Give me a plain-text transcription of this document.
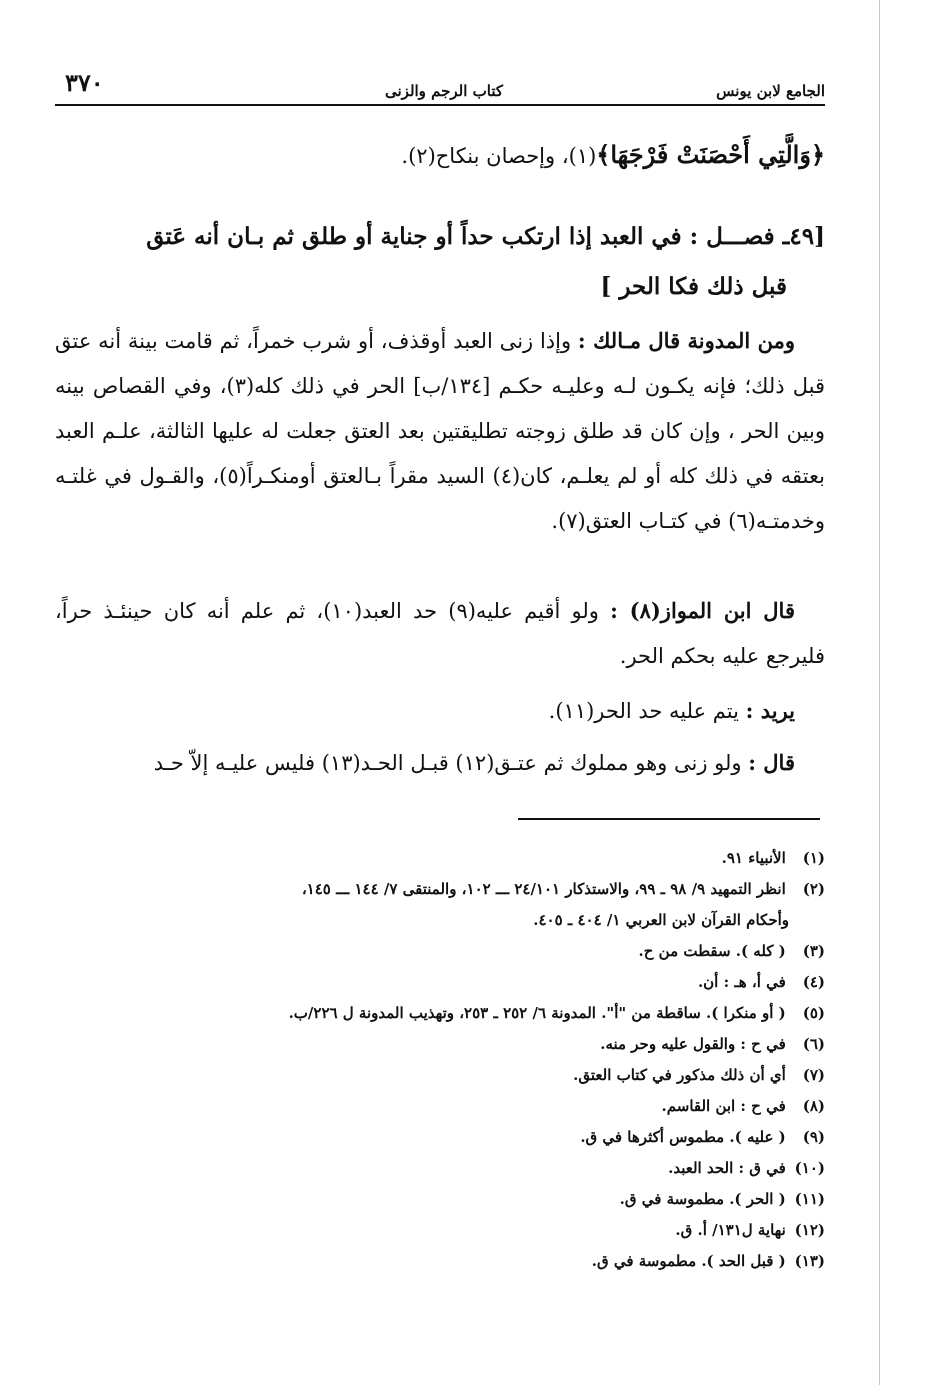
الجامع لابن يونس
كتاب الرجم والزنى
٣٧٠
﴿وَالَّتِي أَحْصَنَتْ فَرْجَهَا﴾(١)، وإحصان بنكاح(٢).
[٤٩ـ فصـــل : في العبد إذا ارتكب حداً أو جناية أو طلق ثم بـان أنه عَتق
قبل ذلك فكا الحر ]
ومن المدونة قال مـالك : وإذا زنى العبد أوقذف، أو شرب خمراً، ثم قامت بينة أنه عتق قبل ذلك؛ فإنه يكـون لـه وعليـه حكـم [١٣٤/ب] الحر في ذلك كله(٣)، وفي القصاص بينه وبين الحر ، وإن كان قد طلق زوجته تطليقتين بعد العتق جعلت له عليها الثالثة، علـم العبد بعتقه في ذلك كله أو لم يعلـم، كان(٤) السيد مقراً بـالعتق أومنكـراً(٥)، والقـول في غلتـه وخدمتـه(٦) في كتـاب العتق(٧).
قال ابن المواز(٨) : ولو أقيم عليه(٩) حد العبد(١٠)، ثم علم أنه كان حينئـذ حراً، فليرجع عليه بحكم الحر.
يريد : يتم عليه حد الحر(١١).
قال : ولو زنى وهو مملوك ثم عتـق(١٢) قبـل الحـد(١٣) فليس عليـه إلاّ حـد
(١) الأنبياء ٩١.
(٢) انظر التمهيد ٩/ ٩٨ ـ ٩٩، والاستذكار ٢٤/١٠١ ـــ ١٠٢، والمنتقى ٧/ ١٤٤ ـــ ١٤٥،
وأحكام القرآن لابن العربي ١/ ٤٠٤ ـ ٤٠٥.
(٣) ( كله ). سقطت من ح.
(٤) في أ، هـ : أن.
(٥) ( أو منكرا ). ساقطة من "أ". المدونة ٦/ ٢٥٢ ـ ٢٥٣، وتهذيب المدونة ل ٢٢٦/ب.
(٦) في ح : والقول عليه وحر منه.
(٧) أي أن ذلك مذكور في كتاب العتق.
(٨) في ح : ابن القاسم.
(٩) ( عليه ). مطموس أكثرها في ق.
(١٠) في ق : الحد العبد.
(١١) ( الحر ). مطموسة في ق.
(١٢) نهاية ل١٣١/ أ. ق.
(١٣) ( قبل الحد ). مطموسة في ق.
